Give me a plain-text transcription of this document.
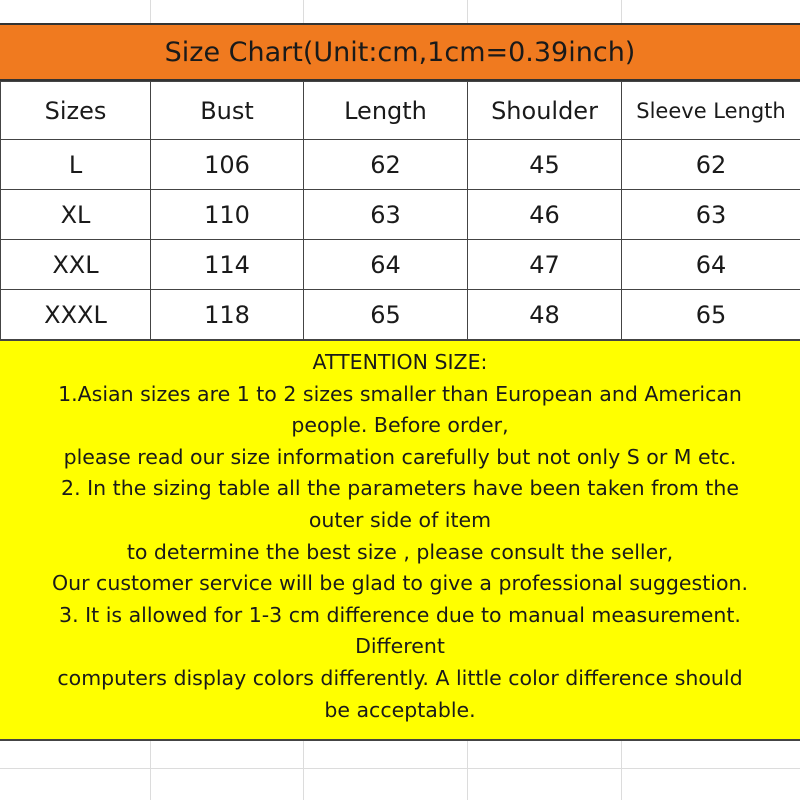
Size Chart(Unit:cm,1cm=0.39inch)
Sizes	Bust	Length	Shoulder	Sleeve Length
L	106	62	45	62
XL	110	63	46	63
XXL	114	64	47	64
XXXL	118	65	48	65
ATTENTION SIZE:
1.Asian sizes are 1 to 2 sizes smaller than European and American
people. Before order,
please read our size information carefully but not only S or M etc.
2. In the sizing table all the parameters have been taken from the
outer side of item
to determine the best size , please consult the seller,
Our customer service will be glad to give a professional suggestion.
3. It is allowed for 1-3 cm difference due to manual measurement.
Different
computers display colors differently. A little color difference should
be acceptable.
